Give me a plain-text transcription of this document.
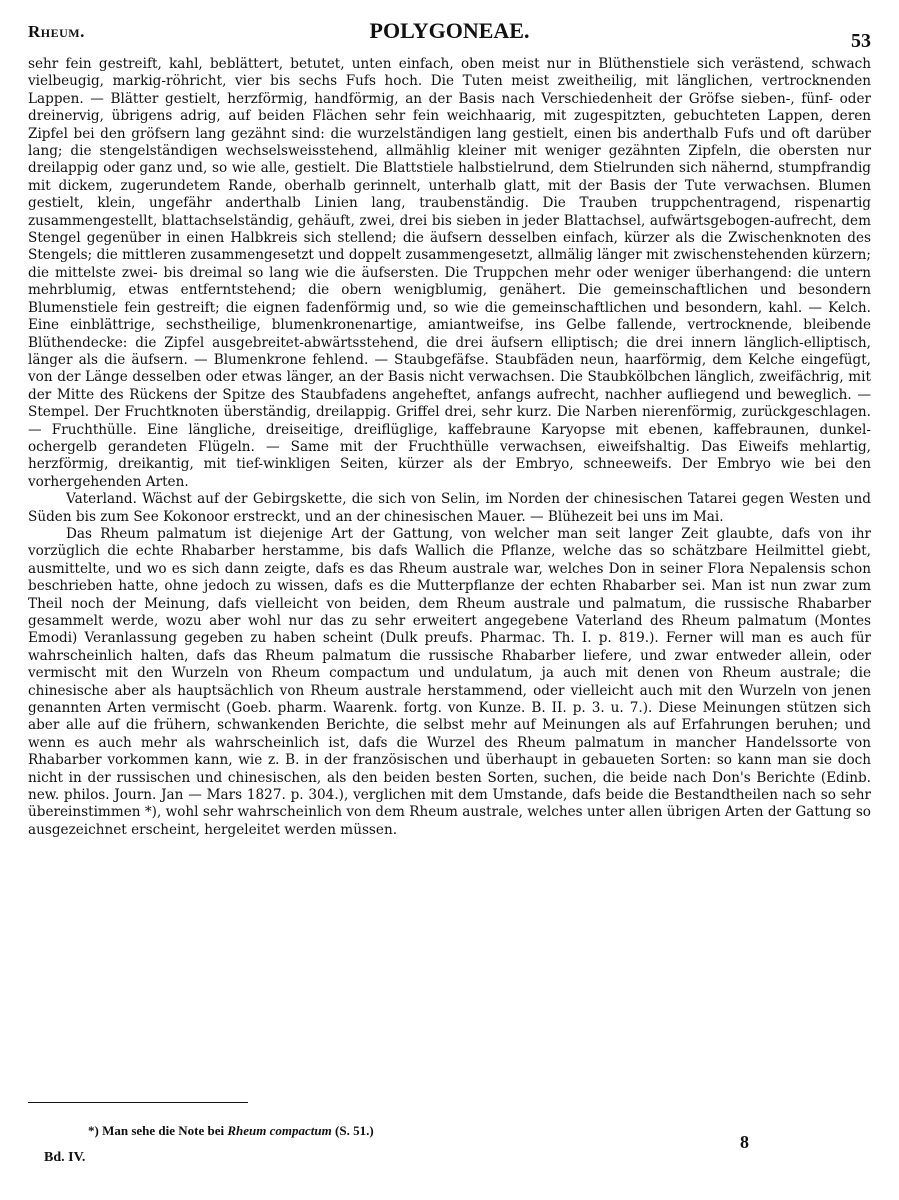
Rheum.	POLYGONEAE.	53

sehr fein gestreift, kahl, beblättert, betutet, unten einfach, oben meist nur in Blüthenstiele sich verästend, schwach vielbeugig, markig-röhricht, vier bis sechs Fufs hoch. Die Tuten meist zweitheilig, mit länglichen, vertrocknenden Lappen. — Blätter gestielt, herzförmig, handförmig, an der Basis nach Verschiedenheit der Gröfse sieben-, fünf- oder dreinervig, übrigens adrig, auf beiden Flächen sehr fein weichhaarig, mit zugespitzten, gebuchteten Lappen, deren Zipfel bei den gröfsern lang gezähnt sind: die wurzelständigen lang gestielt, einen bis anderthalb Fufs und oft darüber lang; die stengelständigen wechselsweisstehend, allmählig kleiner mit weniger gezähnten Zipfeln, die obersten nur dreilappig oder ganz und, so wie alle, gestielt. Die Blattstiele halbstielrund, dem Stielrunden sich nähernd, stumpfrandig mit dickem, zugerundetem Rande, oberhalb gerinnelt, unterhalb glatt, mit der Basis der Tute verwachsen. Blumen gestielt, klein, ungefähr anderthalb Linien lang, traubenständig. Die Trauben truppchentragend, rispenartig zusammengestellt, blattachselständig, gehäuft, zwei, drei bis sieben in jeder Blattachsel, aufwärtsgebogen-aufrecht, dem Stengel gegenüber in einen Halbkreis sich stellend; die äufsern desselben einfach, kürzer als die Zwischenknoten des Stengels; die mittleren zusammengesetzt und doppelt zusammengesetzt, allmälig länger mit zwischenstehenden kürzern; die mittelste zwei- bis dreimal so lang wie die äufsersten. Die Truppchen mehr oder weniger überhangend: die untern mehrblumig, etwas entferntstehend; die obern wenigblumig, genähert. Die gemeinschaftlichen und besondern Blumenstiele fein gestreift; die eignen fadenförmig und, so wie die gemeinschaftlichen und besondern, kahl. — Kelch. Eine einblättrige, sechstheilige, blumenkronenartige, amiantweifse, ins Gelbe fallende, vertrocknende, bleibende Blüthendecke: die Zipfel ausgebreitet-abwärtsstehend, die drei äufsern elliptisch; die drei innern länglich-elliptisch, länger als die äufsern. — Blumenkrone fehlend. — Staubgefäfse. Staubfäden neun, haarförmig, dem Kelche eingefügt, von der Länge desselben oder etwas länger, an der Basis nicht verwachsen. Die Staubkölbchen länglich, zweifächrig, mit der Mitte des Rückens der Spitze des Staubfadens angeheftet, anfangs aufrecht, nachher aufliegend und beweglich. — Stempel. Der Fruchtknoten überständig, dreilappig. Griffel drei, sehr kurz. Die Narben nierenförmig, zurückgeschlagen. — Fruchthülle. Eine längliche, dreiseitige, dreiflüglige, kaffebraune Karyopse mit ebenen, kaffebraunen, dunkel-ochergelb gerandeten Flügeln. — Same mit der Fruchthülle verwachsen, eiweifshaltig. Das Eiweifs mehlartig, herzförmig, dreikantig, mit tief-winkligen Seiten, kürzer als der Embryo, schneeweifs. Der Embryo wie bei den vorhergehenden Arten.

Vaterland. Wächst auf der Gebirgskette, die sich von Selin, im Norden der chinesischen Tatarei gegen Westen und Süden bis zum See Kokonoor erstreckt, und an der chinesischen Mauer. — Blühezeit bei uns im Mai.

Das Rheum palmatum ist diejenige Art der Gattung, von welcher man seit langer Zeit glaubte, dafs von ihr vorzüglich die echte Rhabarber herstamme, bis dafs Wallich die Pflanze, welche das so schätzbare Heilmittel giebt, ausmittelte, und wo es sich dann zeigte, dafs es das Rheum australe war, welches Don in seiner Flora Nepalensis schon beschrieben hatte, ohne jedoch zu wissen, dafs es die Mutterpflanze der echten Rhabarber sei. Man ist nun zwar zum Theil noch der Meinung, dafs vielleicht von beiden, dem Rheum australe und palmatum, die russische Rhabarber gesammelt werde, wozu aber wohl nur das zu sehr erweitert angegebene Vaterland des Rheum palmatum (Montes Emodi) Veranlassung gegeben zu haben scheint (Dulk preufs. Pharmac. Th. I. p. 819.). Ferner will man es auch für wahrscheinlich halten, dafs das Rheum palmatum die russische Rhabarber liefere, und zwar entweder allein, oder vermischt mit den Wurzeln von Rheum compactum und undulatum, ja auch mit denen von Rheum australe; die chinesische aber als hauptsächlich von Rheum australe herstammend, oder vielleicht auch mit den Wurzeln von jenen genannten Arten vermischt (Goeb. pharm. Waarenk. fortg. von Kunze. B. II. p. 3. u. 7.). Diese Meinungen stützen sich aber alle auf die frühern, schwankenden Berichte, die selbst mehr auf Meinungen als auf Erfahrungen beruhen; und wenn es auch mehr als wahrscheinlich ist, dafs die Wurzel des Rheum palmatum in mancher Handelssorte von Rhabarber vorkommen kann, wie z. B. in der französischen und überhaupt in gebaueten Sorten: so kann man sie doch nicht in der russischen und chinesischen, als den beiden besten Sorten, suchen, die beide nach Don's Berichte (Edinb. new. philos. Journ. Jan — Mars 1827. p. 304.), verglichen mit dem Umstande, dafs beide die Bestandtheilen nach so sehr übereinstimmen *), wohl sehr wahrscheinlich von dem Rheum australe, welches unter allen übrigen Arten der Gattung so ausgezeichnet erscheint, hergeleitet werden müssen.

*) Man sehe die Note bei Rheum compactum (S. 51.)
Bd. IV.
8
